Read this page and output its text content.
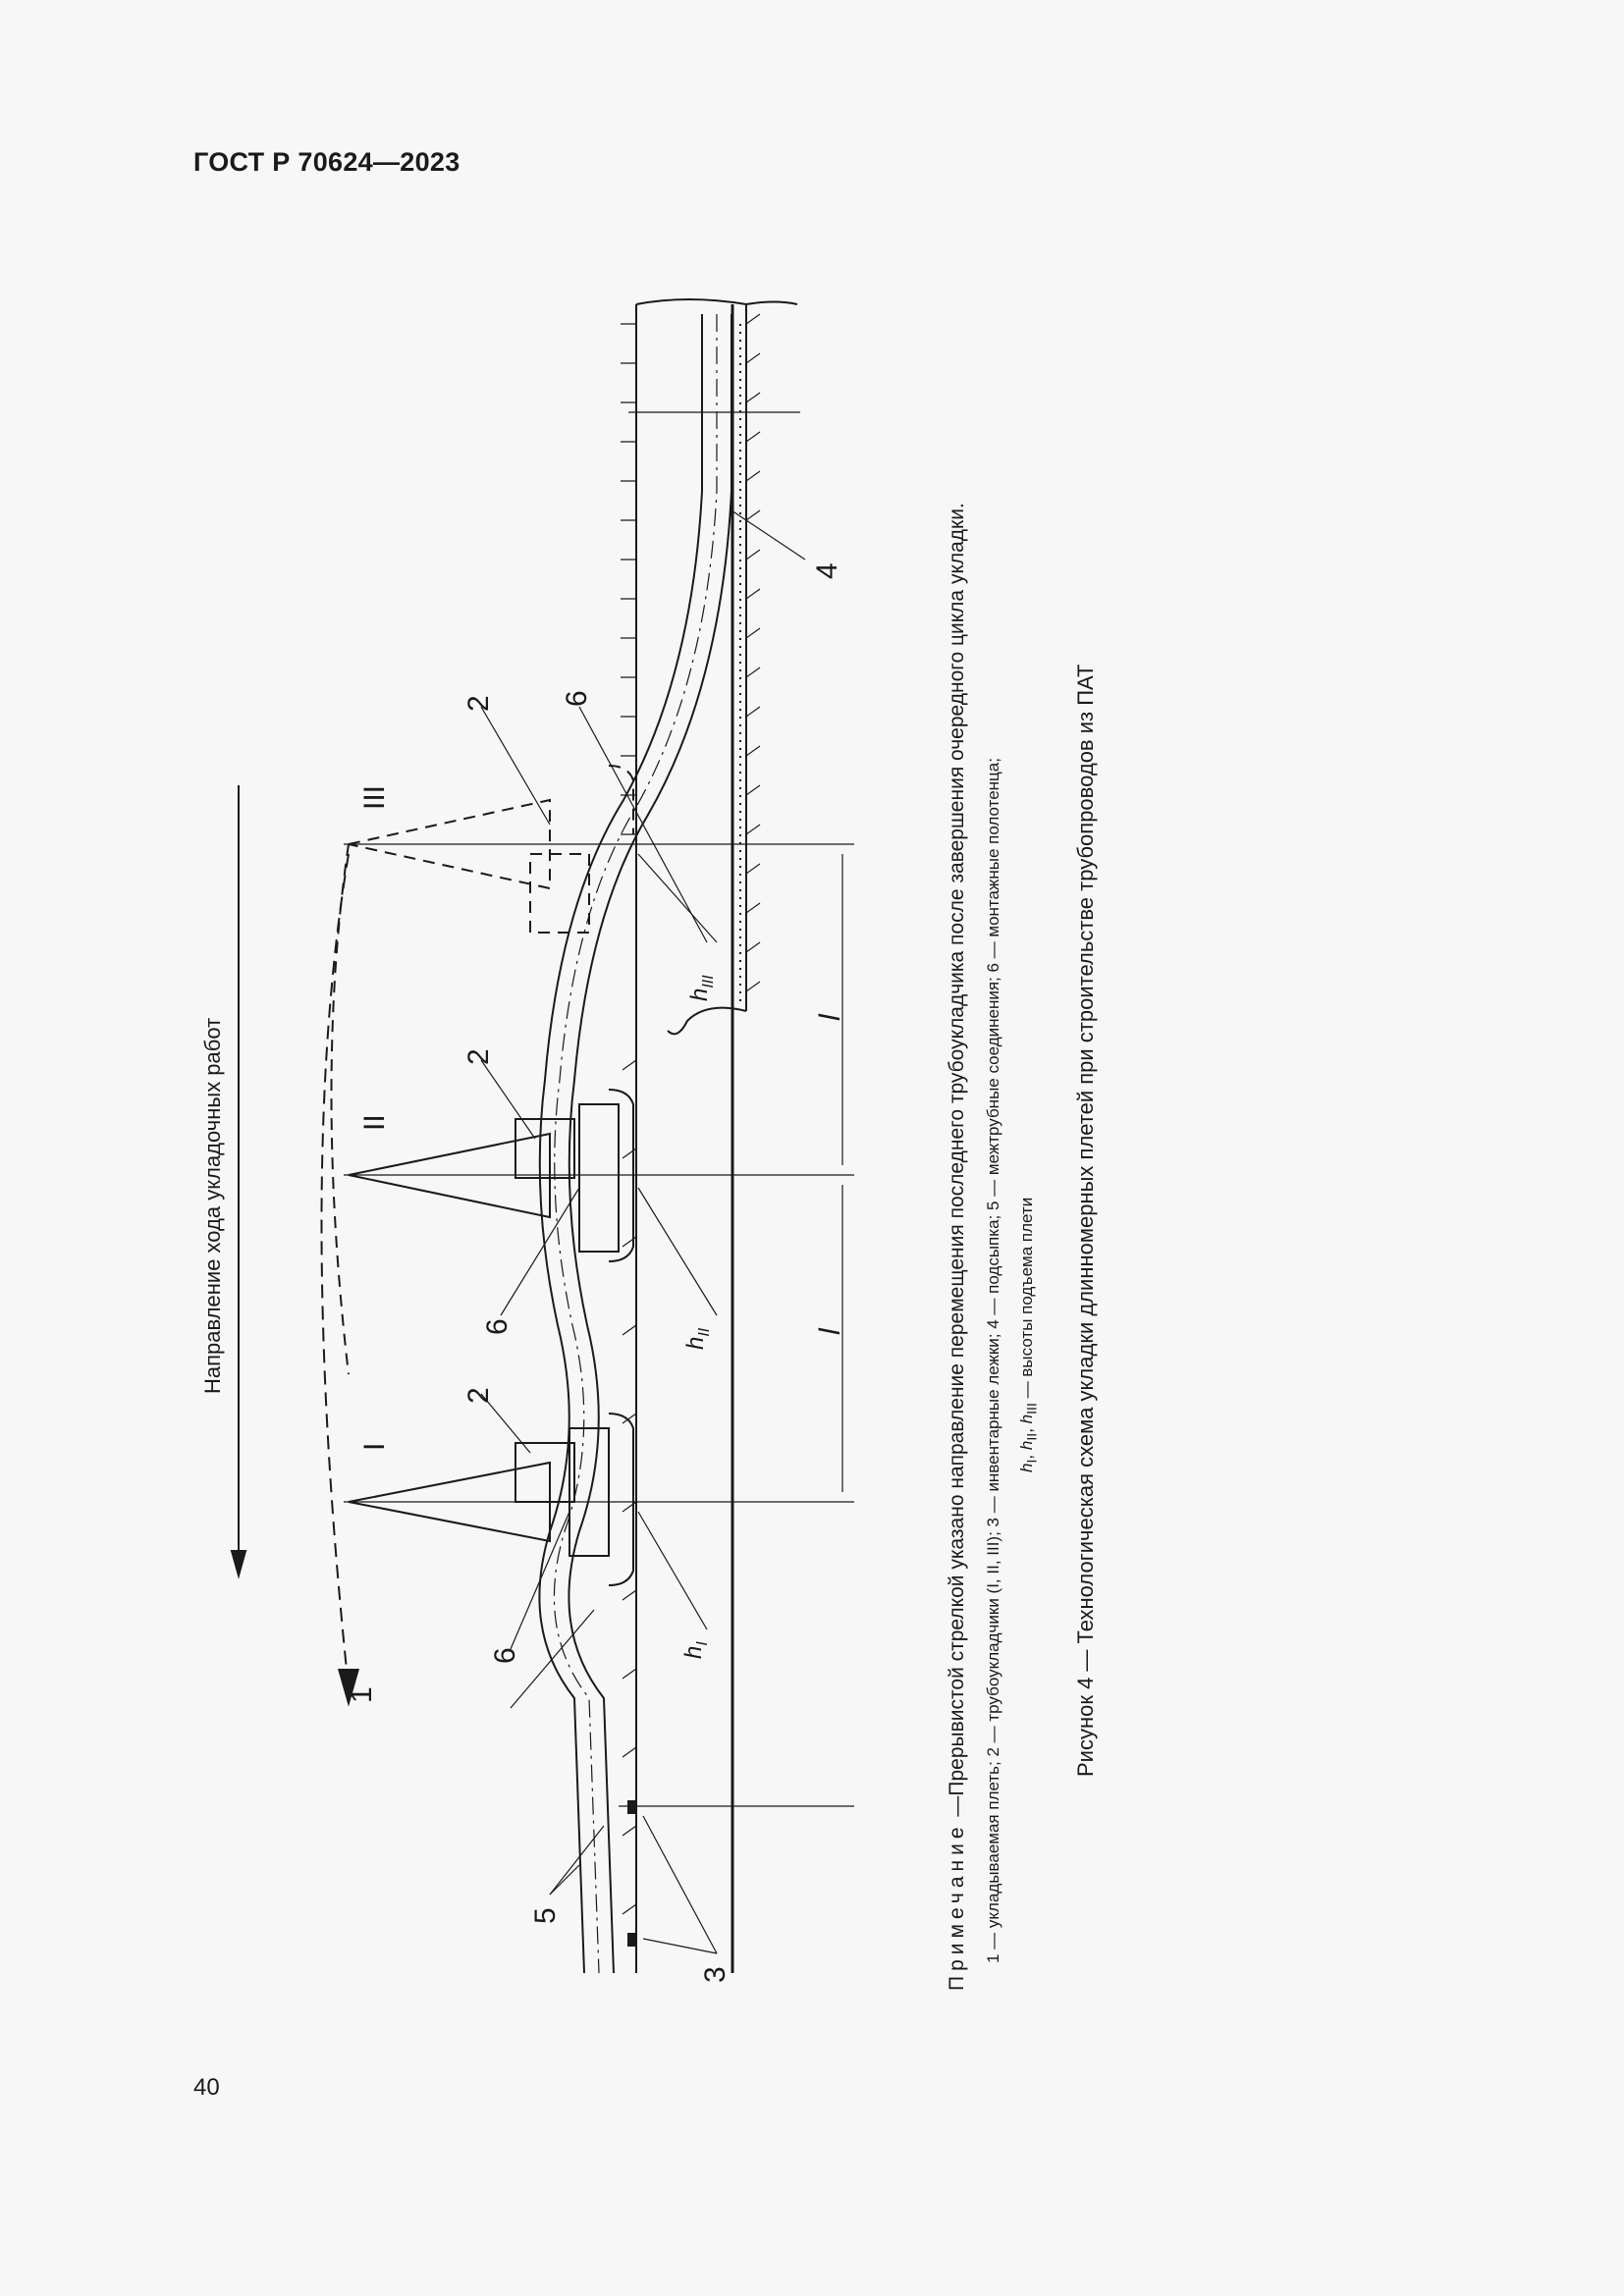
ГОСТ Р 70624—2023
1
2
2
2
3
4
5
6
6
6
I
II
III
l
l
$h_I$
$h_{II}$
$h_{III}$
Направление хода укладочных работ
Примечание —Прерывистой стрелкой указано направление перемещения последнего трубоукладчика после завершения очередного цикла укладки. 1 — укладываемая плеть; 2 — трубоукладчики (I, II, III); 3 — инвентарные лежки; 4 — подсыпка; 5 — межтрубные соединения; 6 — монтажные полотенца; $h_I$, $h_{II}$, $h_{III}$ — высоты подъема плети Рисунок 4 — Технологическая схема укладки длинномерных плетей при строительстве трубопроводов из ПАТ
40
